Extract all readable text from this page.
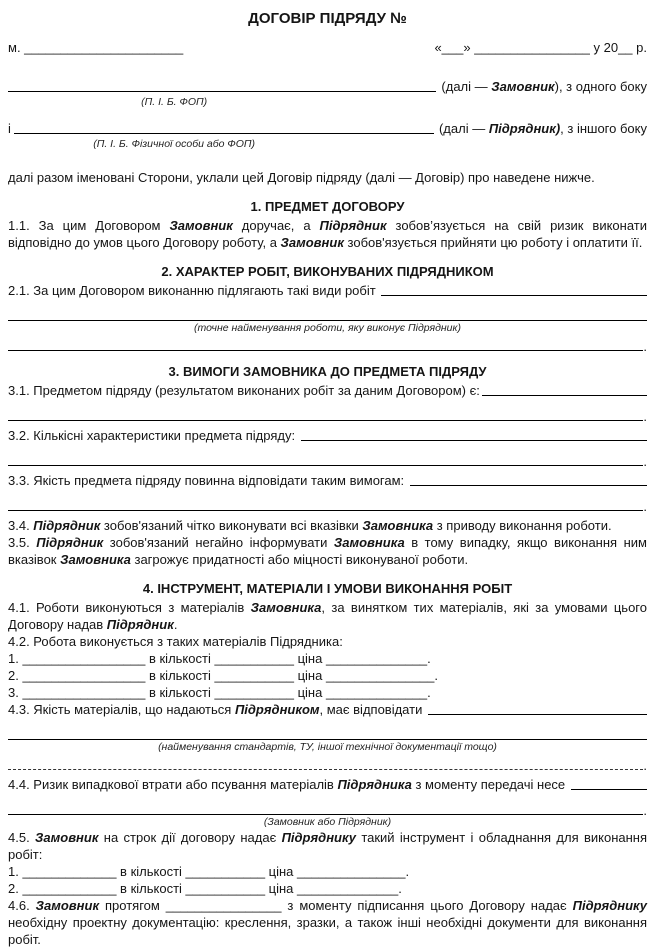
ДОГОВІР ПІДРЯДУ №
м. ______________________	«___» ________________ у 20__ р.
(далі — Замовник), з одного боку
(П. І. Б. ФОП)
і	(далі — Підрядник), з іншого боку
(П. І. Б. Фізичної особи або ФОП)

далі разом іменовані Сторони, уклали цей Договір підряду (далі — Договір) про наведене нижче.

1. ПРЕДМЕТ ДОГОВОРУ

1.1. За цим Договором Замовник доручає, а Підрядник зобов’язується на свій ризик виконати відповідно до умов цього Договору роботу, а Замовник зобов'язується прийняти цю роботу і оплатити її.

2. ХАРАКТЕР РОБІТ, ВИКОНУВАНИХ ПІДРЯДНИКОМ
2.1. За цим Договором виконанню підлягають такі види робіт
(точне найменування роботи, яку виконує Підрядник)
.
3. ВИМОГИ ЗАМОВНИКА ДО ПРЕДМЕТА ПІДРЯДУ
3.1. Предметом підряду (результатом виконаних робіт за даним Договором) є:
.
3.2. Кількісні характеристики предмета підряду:
.
3.3. Якість предмета підряду повинна відповідати таким вимогам:
.

3.4. Підрядник зобов'язаний чітко виконувати всі вказівки Замовника з приводу виконання роботи.

3.5. Підрядник зобов'язаний негайно інформувати Замовника в тому випадку, якщо виконання ним вказівок Замовника загрожує придатності або міцності виконуваної роботи.

4. ІНСТРУМЕНТ, МАТЕРІАЛИ І УМОВИ ВИКОНАННЯ РОБІТ

4.1. Роботи виконуються з матеріалів Замовника, за винятком тих матеріалів, які за умовами цього Договору надав Підрядник.

4.2. Робота виконується з таких матеріалів Підрядника:

1. _________________ в кількості ___________ ціна ______________.
2. _________________ в кількості ___________ ціна _______________.
3. _________________ в кількості ___________ ціна ______________.
4.3. Якість матеріалів, що надаються Підрядником, має відповідати
(найменування стандартів, ТУ, іншої технічної документації тощо)
.
4.4. Ризик випадкової втрати або псування матеріалів Підрядника з моменту передачі несе
.
(Замовник або Підрядник)

4.5. Замовник на строк дії договору надає Підряднику такий інструмент і обладнання для виконання робіт:

1. _____________ в кількості ___________ ціна _______________.
2. _____________ в кількості ___________ ціна ______________.

4.6. Замовник протягом ________________ з моменту підписання цього Договору надає Підряднику необхідну проектну документацію: креслення, зразки, а також інші необхідні документи для виконання робіт.
